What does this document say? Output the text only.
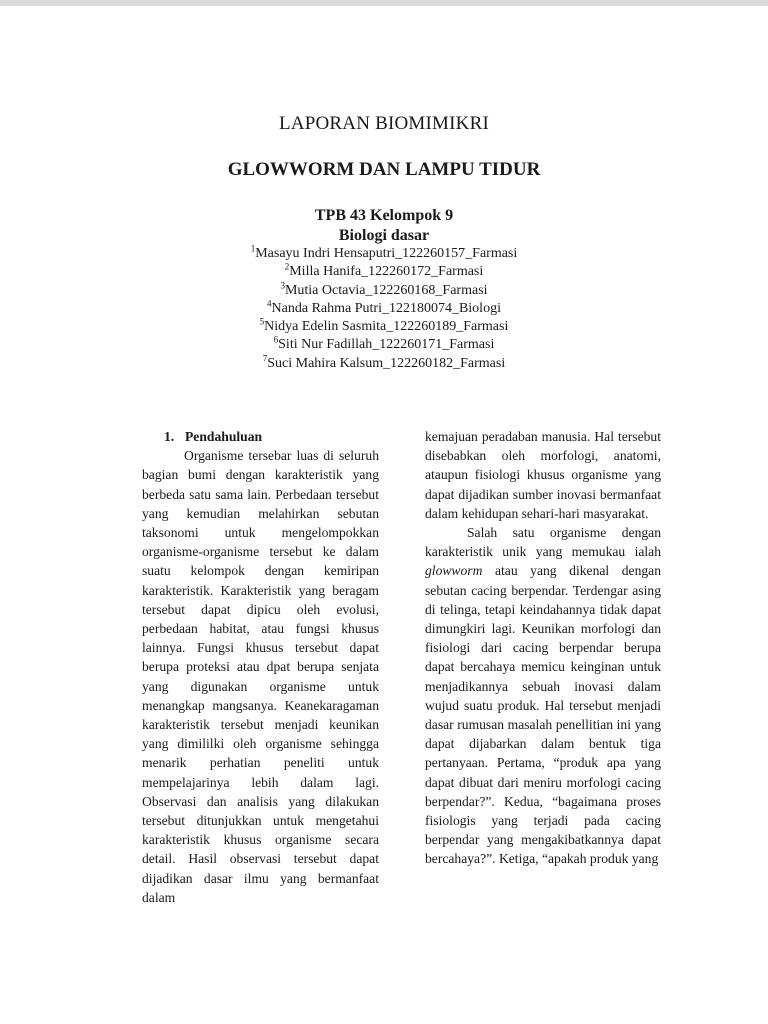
LAPORAN BIOMIMIKRI
GLOWWORM DAN LAMPU TIDUR
TPB 43 Kelompok 9
Biologi dasar
$^1$Masayu Indri Hensaputri_122260157_Farmasi
$^2$Milla Hanifa_122260172_Farmasi
$^3$Mutia Octavia_122260168_Farmasi
$^4$Nanda Rahma Putri_122180074_Biologi
$^5$Nidya Edelin Sasmita_122260189_Farmasi
$^6$Siti Nur Fadillah_122260171_Farmasi
$^7$Suci Mahira Kalsum_122260182_Farmasi
1. Pendahuluan

Organisme tersebar luas di seluruh bagian bumi dengan karakteristik yang berbeda satu sama lain. Perbedaan tersebut yang kemudian melahirkan sebutan taksonomi untuk mengelompokkan organisme-organisme tersebut ke dalam suatu kelompok dengan kemiripan karakteristik. Karakteristik yang beragam tersebut dapat dipicu oleh evolusi, perbedaan habitat, atau fungsi khusus lainnya. Fungsi khusus tersebut dapat berupa proteksi atau dpat berupa senjata yang digunakan organisme untuk menangkap mangsanya. Keanekaragaman karakteristik tersebut menjadi keunikan yang dimililki oleh organisme sehingga menarik perhatian peneliti untuk mempelajarinya lebih dalam lagi. Observasi dan analisis yang dilakukan tersebut ditunjukkan untuk mengetahui karakteristik khusus organisme secara detail. Hasil observasi tersebut dapat dijadikan dasar ilmu yang bermanfaat dalam

kemajuan peradaban manusia. Hal tersebut disebabkan oleh morfologi, anatomi, ataupun fisiologi khusus organisme yang dapat dijadikan sumber inovasi bermanfaat dalam kehidupan sehari-hari masyarakat.

Salah satu organisme dengan karakteristik unik yang memukau ialah glowworm atau yang dikenal dengan sebutan cacing berpendar. Terdengar asing di telinga, tetapi keindahannya tidak dapat dimungkiri lagi. Keunikan morfologi dan fisiologi dari cacing berpendar berupa dapat bercahaya memicu keinginan untuk menjadikannya sebuah inovasi dalam wujud suatu produk. Hal tersebut menjadi dasar rumusan masalah penellitian ini yang dapat dijabarkan dalam bentuk tiga pertanyaan. Pertama, “produk apa yang dapat dibuat dari meniru morfologi cacing berpendar?”. Kedua, “bagaimana proses fisiologis yang terjadi pada cacing berpendar yang mengakibatkannya dapat bercahaya?”. Ketiga, “apakah produk yang
